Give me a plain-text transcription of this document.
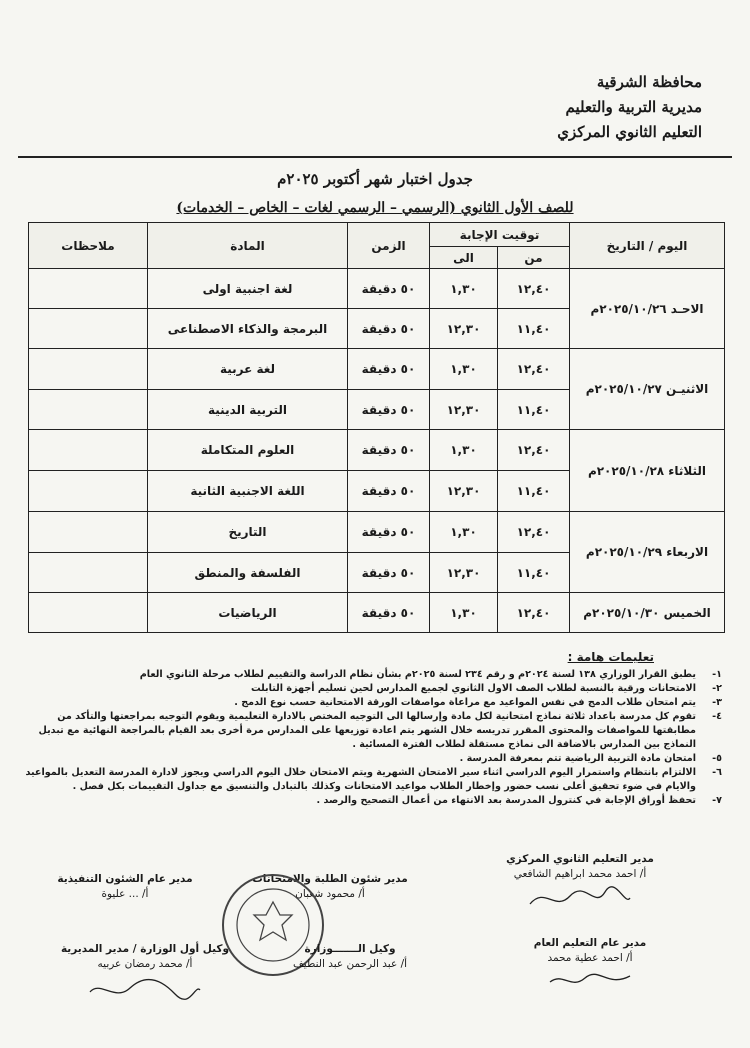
محافظة الشرقية
مديرية التربية والتعليم
التعليم الثانوي المركزي
جدول اختبار شهر أكتوبر ٢٠٢٥م
للصف الأول الثانوي (الرسمي – الرسمي لغات – الخاص – الخدمات)
اليوم / التاريخ	توقيت الإجابة		الزمن	المادة	ملاحظات
	من	الى			
الاحـد ٢٠٢٥/١٠/٢٦م	١٢,٤٠	١,٣٠	٥٠ دقيقة	لغة اجنبية اولى	
	١١,٤٠	١٢,٣٠	٥٠ دقيقة	البرمجة والذكاء الاصطناعى	
الاثنيـن ٢٠٢٥/١٠/٢٧م	١٢,٤٠	١,٣٠	٥٠ دقيقة	لغة عربية	
	١١,٤٠	١٢,٣٠	٥٠ دقيقة	التربية الدينية	
الثلاثاء ٢٠٢٥/١٠/٢٨م	١٢,٤٠	١,٣٠	٥٠ دقيقة	العلوم المتكاملة	
	١١,٤٠	١٢,٣٠	٥٠ دقيقة	اللغة الاجنبية الثانية	
الاربعاء ٢٠٢٥/١٠/٢٩م	١٢,٤٠	١,٣٠	٥٠ دقيقة	التاريخ	
	١١,٤٠	١٢,٣٠	٥٠ دقيقة	الفلسفة والمنطق	
الخميس ٢٠٢٥/١٠/٣٠م	١٢,٤٠	١,٣٠	٥٠ دقيقة	الرياضيات	
تعليمات هامة :
١-
يطبق القرار الوزاري ١٣٨ لسنة ٢٠٢٤م و رقم ٢٣٤ لسنة ٢٠٢٥م بشأن نظام الدراسة والتقييم لطلاب مرحلة الثانوي العام
٢-
الامتحانات ورقية بالنسبة لطلاب الصف الاول الثانوي لجميع المدارس لحين تسليم أجهزة التابلت
٣-
يتم امتحان طلاب الدمج في نفس المواعيد مع مراعاة مواصفات الورقة الامتحانية حسب نوع الدمج .
٤-
تقوم كل مدرسة باعداد ثلاثة نماذج امتحانية لكل مادة وإرسالها الى التوجيه المختص بالادارة التعليمية ويقوم التوجيه بمراجعتها والتأكد من مطابقتها للمواصفات والمحتوى المقرر تدريسه خلال الشهر يتم اعادة توزيعها على المدارس مرة أخرى بعد القيام بالمراجعة النهائية مع تبديل النماذج بين المدارس بالاضافة الى نماذج مستقلة لطلاب الفترة المسائية .
٥-
امتحان مادة التربية الرياضية تتم بمعرفة المدرسة .
٦-
الالتزام بانتظام واستمرار اليوم الدراسي اثناء سير الامتحان الشهرية ويتم الامتحان خلال اليوم الدراسي ويجوز لادارة المدرسة التعديل بالمواعيد والايام في ضوء تحقيق أعلى نسب حضور وإخطار الطلاب مواعيد الامتحانات وكذلك بالتبادل والتنسيق مع جداول التقييمات بكل فصل .
٧-
تحفظ أوراق الإجابة في كنترول المدرسة بعد الانتهاء من أعمال التصحيح والرصد .
مدير التعليم الثانوي المركزي
أ/ احمد محمد ابراهيم الشافعي
مدير شئون الطلبة والامتحانات
أ/ محمود شعبان
مدير عام الشئون التنفيذية
أ/ ... عليوة
مدير عام التعليم العام
أ/ احمد عطية محمد
وكيل الـــــــوزارة
أ/ عبد الرحمن عبد النطيف
وكيل أول الوزارة / مدير المديرية
أ/ محمد رمضان عربيه
